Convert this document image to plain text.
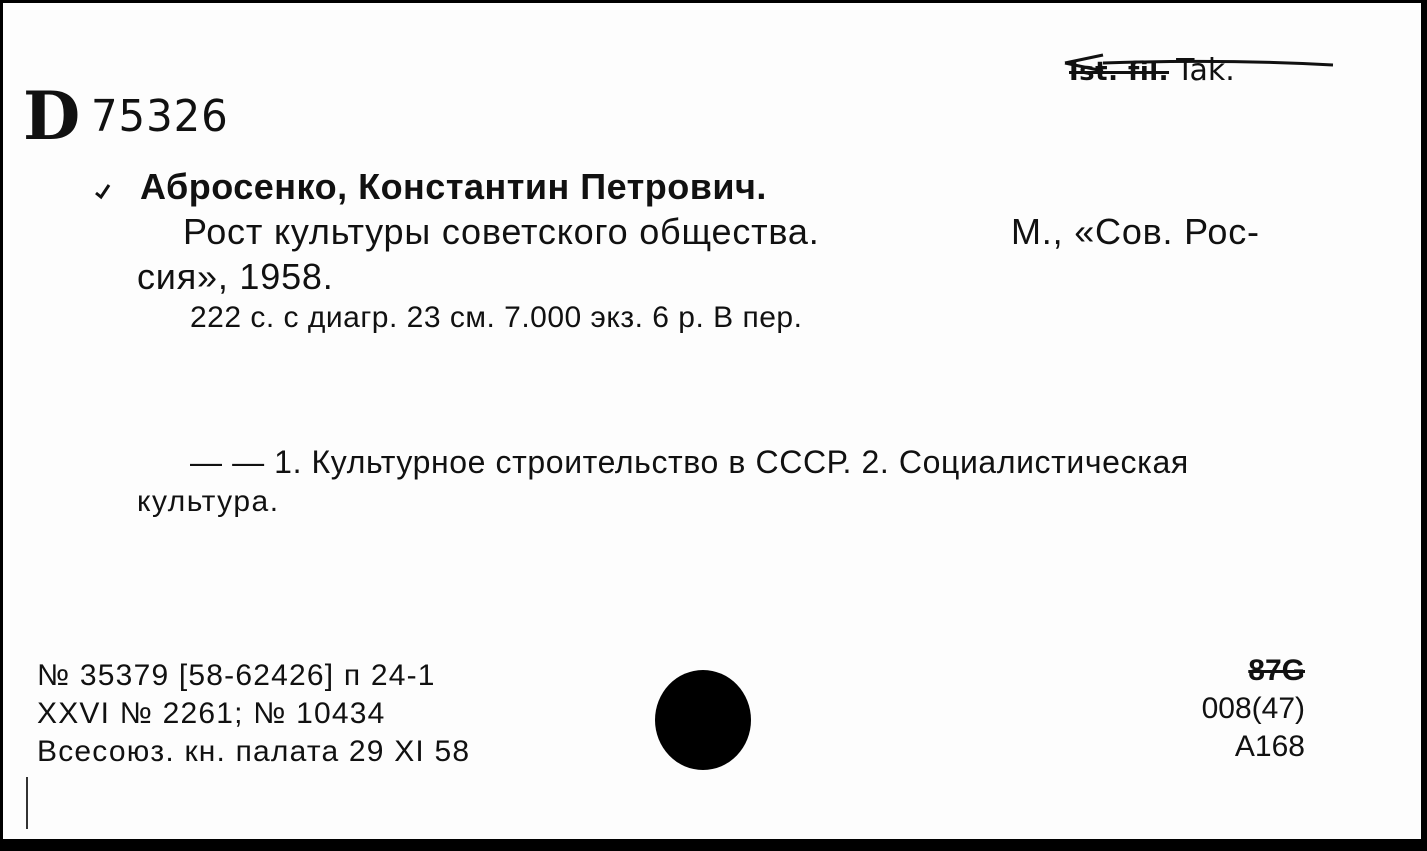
D 75326
Ist. fil. Tak.
Абросенко, Константин Петрович.
Рост культуры советского общества.	М., «Сов. Рос-
сия», 1958.
222 с. с диагр. 23 см. 7.000 экз. 6 р. В пер.
— — 1. Культурное строительство в СССР. 2. Социалистическая
культура.
№ 35379 [58-62426] п 24-1
XXVI № 2261; № 10434
Всесоюз. кн. палата 29 XI 58
87G
008(47)
A168
